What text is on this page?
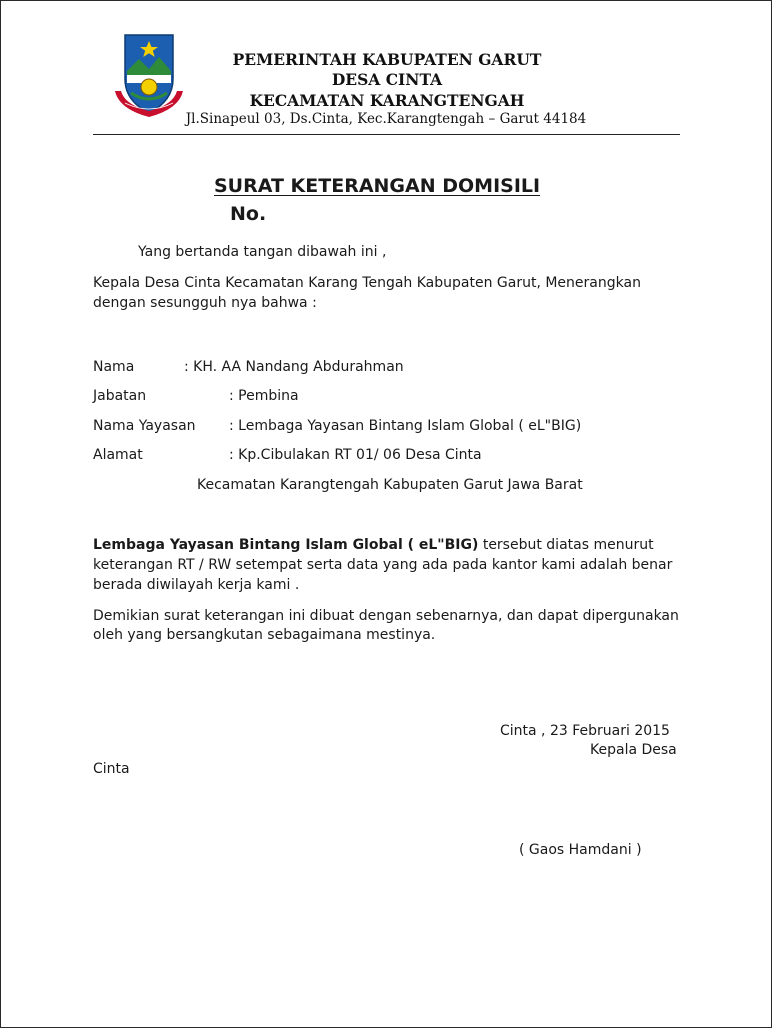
PEMERINTAH KABUPATEN GARUT
DESA CINTA
KECAMATAN KARANGTENGAH
Jl.Sinapeul 03, Ds.Cinta, Kec.Karangtengah – Garut 44184
SURAT KETERANGAN DOMISILI
No.
Yang bertanda tangan dibawah ini ,
Kepala Desa Cinta Kecamatan Karang Tengah Kabupaten Garut, Menerangkan
dengan sesungguh nya bahwa :
Nama	: KH. AA Nandang Abdurahman
Jabatan	: Pembina
Nama Yayasan : Lembaga Yayasan Bintang Islam Global ( eL"BIG)
Alamat	: Kp.Cibulakan RT 01/ 06 Desa Cinta
Kecamatan Karangtengah Kabupaten Garut Jawa Barat
Lembaga Yayasan Bintang Islam Global ( eL"BIG) tersebut diatas menurut
keterangan RT / RW setempat serta data yang ada pada kantor kami adalah benar
berada diwilayah kerja kami .
Demikian surat keterangan ini dibuat dengan sebenarnya, dan dapat dipergunakan
oleh yang bersangkutan sebagaimana mestinya.
Cinta , 23 Februari 2015
Kepala Desa
Cinta
( Gaos Hamdani )
